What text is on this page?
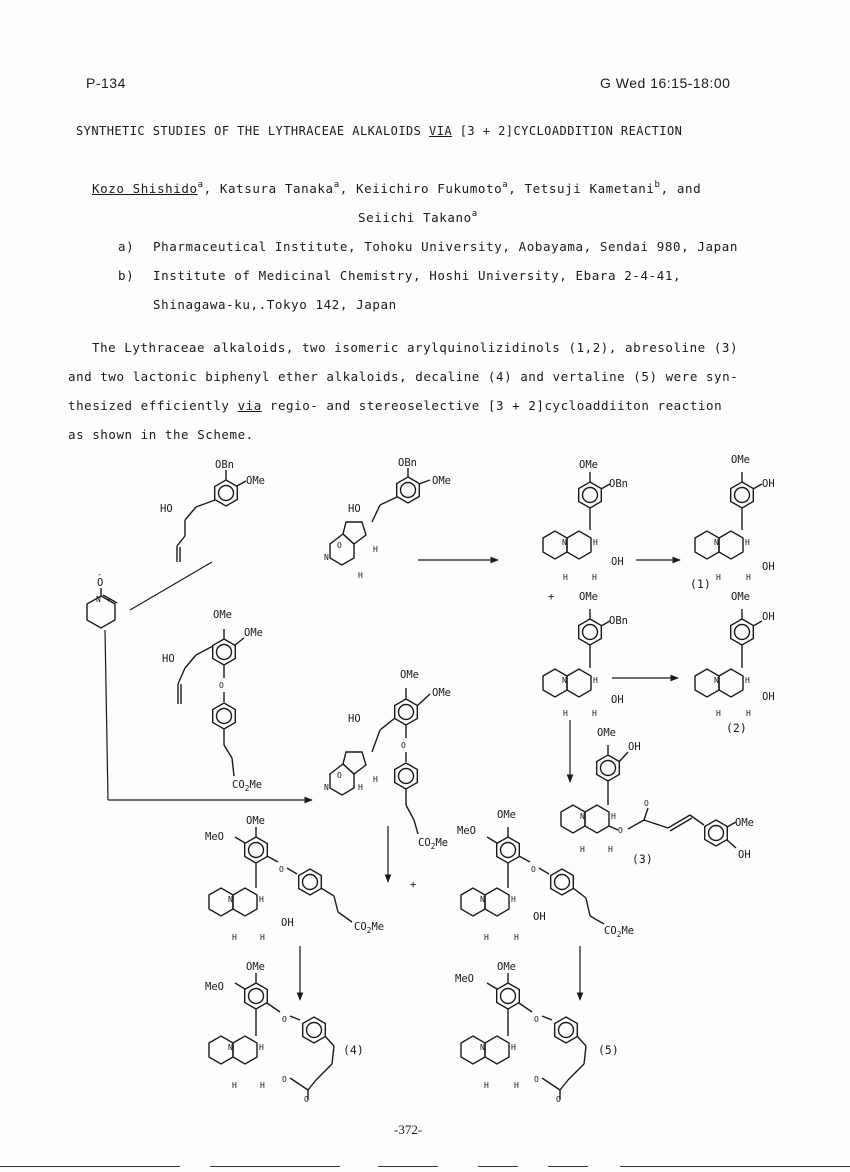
P-134	G Wed 16:15-18:00
SYNTHETIC STUDIES OF THE LYTHRACEAE ALKALOIDS VIA [3 + 2]CYCLOADDITION REACTION
Kozo Shishido$^a$, Katsura Tanaka$^a$, Keiichiro Fukumoto$^a$, Tetsuji Kametani$^b$, and
Seiichi Takano$^a$
a) Pharmaceutical Institute, Tohoku University, Aobayama, Sendai 980, Japan
b) Institute of Medicinal Chemistry, Hoshi University, Ebara 2-4-41,
Shinagawa-ku,.Tokyo 142, Japan
The Lythraceae alkaloids, two isomeric arylquinolizidinols (1,2), abresoline (3)
and two lactonic biphenyl ether alkaloids, decaline (4) and vertaline (5) were syn-
thesized efficiently via regio- and stereoselective [3 + 2]cycloaddiiton reaction
as shown in the Scheme.
O
-
N +
OBn
OMe
HO
OBn
OMe
HO
O
N
H
H
OMe
OBn
N	H
H	H
OH
OMe
OH
N	H
H	H
OH
(1)
+ OMe
OBn
N	H
H	H
OH
OMe
OH
N	H
H	H
OH
(2)
OMe
OH
N	H
H	H
O
O
OMe
OH
(3)
OMe
OMe
HO
O
$CO_2Me$
OMe
OMe
HO
O
N
H
H
O
$CO_2Me$
OMe
MeO
O
$CO_2Me$
N	H
H	H
OH
+
OMe
MeO
O
$CO_2Me$
N	H
H	H
OH
OMe
MeO
O
O
O
N	H
H	H
(4)
OMe
MeO
O
O
O
N	H
H	H
(5)
-372-
